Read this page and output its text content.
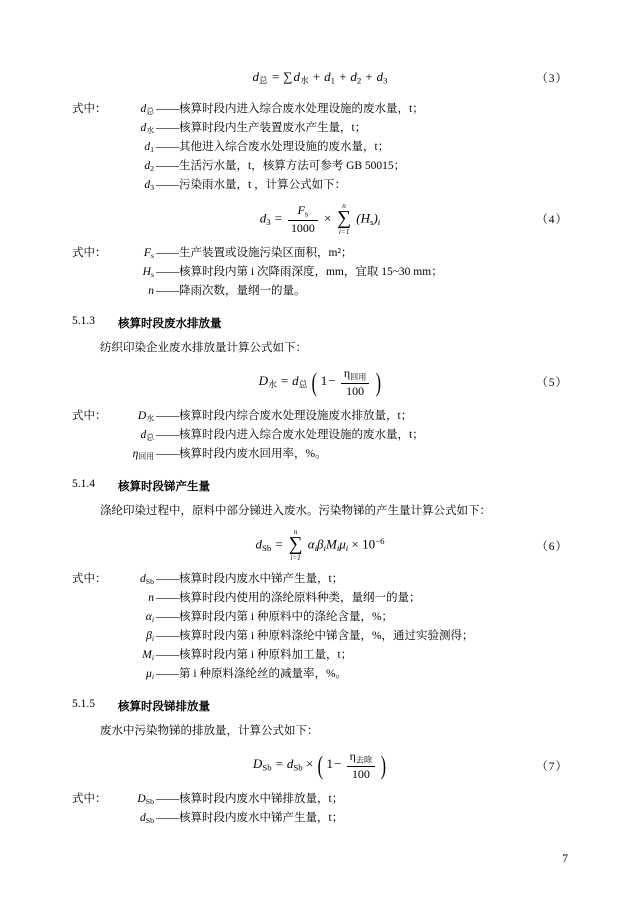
$d_总$ = ∑ $d_水 + d_1 + d_2 + d_3$	（3）
式中：	$d_总$ ——核算时段内进入综合废水处理设施的废水量，t；
$d_水$ ——核算时段内生产装置废水产生量，t；
$d_1$ ——其他进入综合废水处理设施的废水量，t；
$d_2$ ——生活污水量，t，核算方法可参考 GB 50015；
$d_3$ ——污染雨水量，t ，计算公式如下：
$d_3 = \frac{F_s}{1000}$ ×
n
∑
i=1
$(H_s)i$	（4）
式中：	$F_s$ ——生产装置或设施污染区面积，m²；
$H_s$ ——核算时段内第 i 次降雨深度，mm，宜取 15~30 mm；
n ——降雨次数，量纲一的量。
5.1.3	核算时段废水排放量
纺织印染企业废水排放量计算公式如下：
$D_水 = d_总$ ( 1 − $\frac{\eta_{回用}}{100}$ )	（5）
式中：	$D_水$ ——核算时段内综合废水处理设施废水排放量，t；
$d_总$ ——核算时段内进入综合废水处理设施的废水量，t；
$\eta_{回用}$ ——核算时段内废水回用率，%。
5.1.4	核算时段锑产生量
涤纶印染过程中，原料中部分锑进入废水。污染物锑的产生量计算公式如下：
$d_{Sb}$ =
n
∑
i=1
$\alpha i\beta iMi\mu i \times 10^{-6}$	（6）
式中：	$d_{Sb}$ ——核算时段内废水中锑产生量，t；
n ——核算时段内使用的涤纶原料种类，量纲一的量；
αi ——核算时段内第 i 种原料中的涤纶含量，%；
βi ——核算时段内第 i 种原料涤纶中锑含量，%，通过实验测得；
Mi ——核算时段内第 i 种原料加工量，t；
μi ——第 i 种原料涤纶丝的减量率，%。
5.1.5	核算时段锑排放量
废水中污染物锑的排放量，计算公式如下：
$D_{Sb} = d_{Sb}$ × ( 1 − $\frac{\eta_{去除}}{100}$ )	（7）
式中：	$D_{Sb}$ ——核算时段内废水中锑排放量，t；
$d_{Sb}$ ——核算时段内废水中锑产生量，t；
7
